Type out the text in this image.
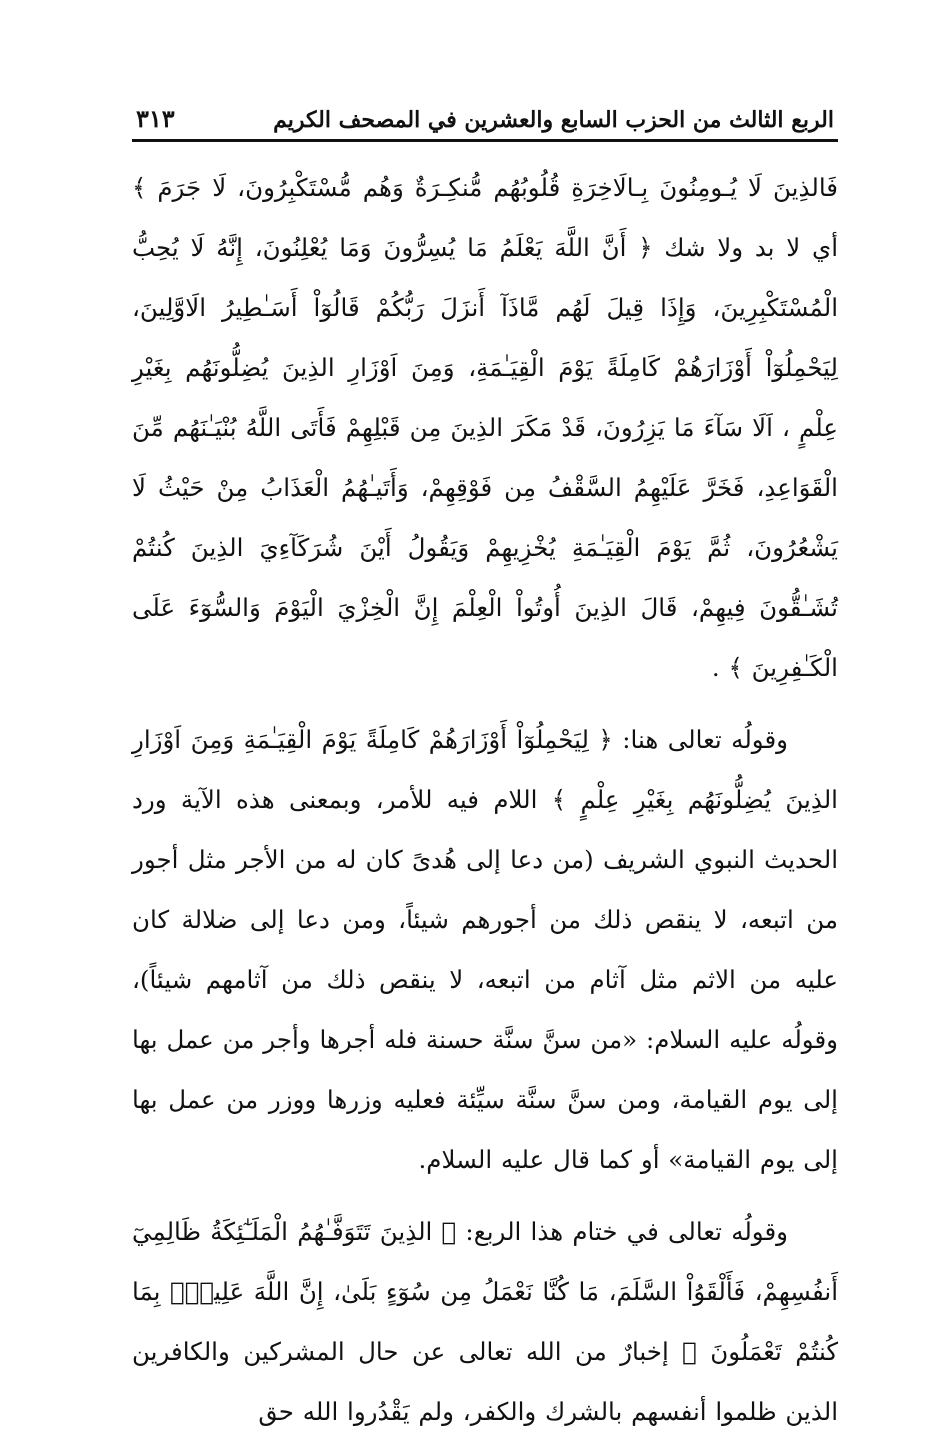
الربع الثالث من الحزب السابع والعشرين في المصحف الكريم
٣١٣

فَالذِينَ لَا يُـومِنُونَ بِـالَاخِرَةِ قُلُوبُهُم مُّنكِـرَةٌ وَهُم مُّسْتَكْبِرُونَ، لَا جَرَمَ ﴾ أي لا بد ولا شك ﴿ أَنَّ اللَّهَ يَعْلَمُ مَا يُسِرُّونَ وَمَا يُعْلِنُونَ، إِنَّهُ لَا يُحِبُّ الْمُسْتَكْبِرِينَ، وَإِذَا قِيلَ لَهُم مَّاذَآ أَنزَلَ رَبُّكُمْ قَالُوٓاْ أَسَـٰطِيرُ الَاوَّلِينَ، لِيَحْمِلُوٓاْ أَوْزَارَهُمْ كَامِلَةً يَوْمَ الْقِيَـٰمَةِ، وَمِنَ اَوْزَارِ الذِينَ يُضِلُّونَهُم بِغَيْرِ عِلْمٍ ، اَلَا سَآءَ مَا يَزِرُونَ، قَدْ مَكَرَ الذِينَ مِن قَبْلِهِمْ فَأَتَى اللَّهُ بُنْيَـٰنَهُم مِّنَ الْقَوَاعِدِ، فَخَرَّ عَلَيْهِمُ السَّقْفُ مِن فَوْقِهِمْ، وَأَتَيـٰهُمُ الْعَذَابُ مِنْ حَيْثُ لَا يَشْعُرُونَ، ثُمَّ يَوْمَ الْقِيَـٰمَةِ يُخْزِيهِمْ وَيَقُولُ أَيْنَ شُرَكَآءِيَ الذِينَ كُنتُمْ تُشَـٰقُّونَ فِيهِمْ، قَالَ الذِينَ أُوتُواْ الْعِلْمَ إِنَّ الْخِزْيَ الْيَوْمَ وَالسُّوٓءَ عَلَى الْكَـٰفِرِينَ ﴾ .

وقولُه تعالى هنا: ﴿ لِيَحْمِلُوٓاْ أَوْزَارَهُمْ كَامِلَةً يَوْمَ الْقِيَـٰمَةِ وَمِنَ اَوْزَارِ الذِينَ يُضِلُّونَهُم بِغَيْرِ عِلْمٍ ﴾ اللام فيه للأمر، وبمعنى هذه الآية ورد الحديث النبوي الشريف (من دعا إلى هُدىً كان له من الأجر مثل أجور من اتبعه، لا ينقص ذلك من أجورهم شيئاً، ومن دعا إلى ضلالة كان عليه من الاثم مثل آثام من اتبعه، لا ينقص ذلك من آثامهم شيئاً)، وقولُه عليه السلام: «من سنَّ سنَّة حسنة فله أجرها وأجر من عمل بها إلى يوم القيامة، ومن سنَّ سنَّة سيِّئة فعليه وزرها ووزر من عمل بها إلى يوم القيامة» أو كما قال عليه السلام.

وقولُه تعالى في ختام هذا الربع: ﴿ الذِينَ تَتَوَفَّـٰهُمُ الْمَلَـٰٓئِكَةُ ظَالِمِيٓ أَنفُسِهِمْ، فَأَلْقَوُاْ السَّلَمَ، مَا كُنَّا نَعْمَلُ مِن سُوٓءٍ بَلَىٰ، إِنَّ اللَّهَ عَلِيمُۢ بِمَا كُنتُمْ تَعْمَلُونَ ﴾ إخبارٌ من الله تعالى عن حال المشركين والكافرين الذين ظلموا أنفسهم بالشرك والكفر، ولم يَقْدُروا الله حق
